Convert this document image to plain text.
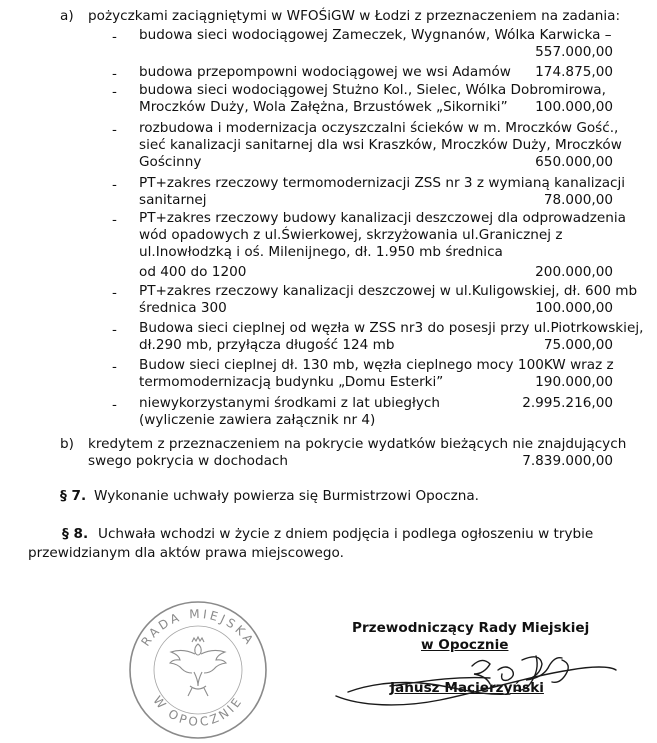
a) pożyczkami zaciągniętymi w WFOŚiGW w Łodzi z przeznaczeniem na zadania:
- budowa sieci wodociągowej Zameczek, Wygnanów, Wólka Karwicka –
557.000,00
- budowa przepompowni wodociągowej we wsi Adamów 174.875,00
- budowa sieci wodociągowej Stużno Kol., Sielec, Wólka Dobromirowa,
Mroczków Duży, Wola Załężna, Brzustówek „Sikorniki” 100.000,00
- rozbudowa i modernizacja oczyszczalni ścieków w m. Mroczków Gość.,
sieć kanalizacji sanitarnej dla wsi Kraszków, Mroczków Duży, Mroczków
Gościnny	650.000,00
- PT+zakres rzeczowy termomodernizacji ZSS nr 3 z wymianą kanalizacji
sanitarnej	78.000,00
- PT+zakres rzeczowy budowy kanalizacji deszczowej dla odprowadzenia
wód opadowych z ul.Świerkowej, skrzyżowania ul.Granicznej z
ul.Inowłodzką i oś. Milenijnego, dł. 1.950 mb średnica
od 400 do 1200	200.000,00
- PT+zakres rzeczowy kanalizacji deszczowej w ul.Kuligowskiej, dł. 600 mb
średnica 300	100.000,00
- Budowa sieci cieplnej od węzła w ZSS nr3 do posesji przy ul.Piotrkowskiej,
dł.290 mb, przyłącza długość 124 mb	75.000,00
- Budow sieci cieplnej dł. 130 mb, węzła cieplnego mocy 100KW wraz z
termomodernizacją budynku „Domu Esterki”	190.000,00
- niewykorzystanymi środkami z lat ubiegłych
(wyliczenie zawiera załącznik nr 4)
2.995.216,00
b) kredytem z przeznaczeniem na pokrycie wydatków bieżących nie znajdujących
swego pokrycia w dochodach	7.839.000,00
§ 7. Wykonanie uchwały powierza się Burmistrzowi Opoczna.
§ 8. Uchwała wchodzi w życie z dniem podjęcia i podlega ogłoszeniu w trybie
przewidzianym dla aktów prawa miejscowego.
RADA MIEJSKA
W OPOCZNIE
Przewodniczący Rady Miejskiej
w Opocznie
Janusz Macierzyński
